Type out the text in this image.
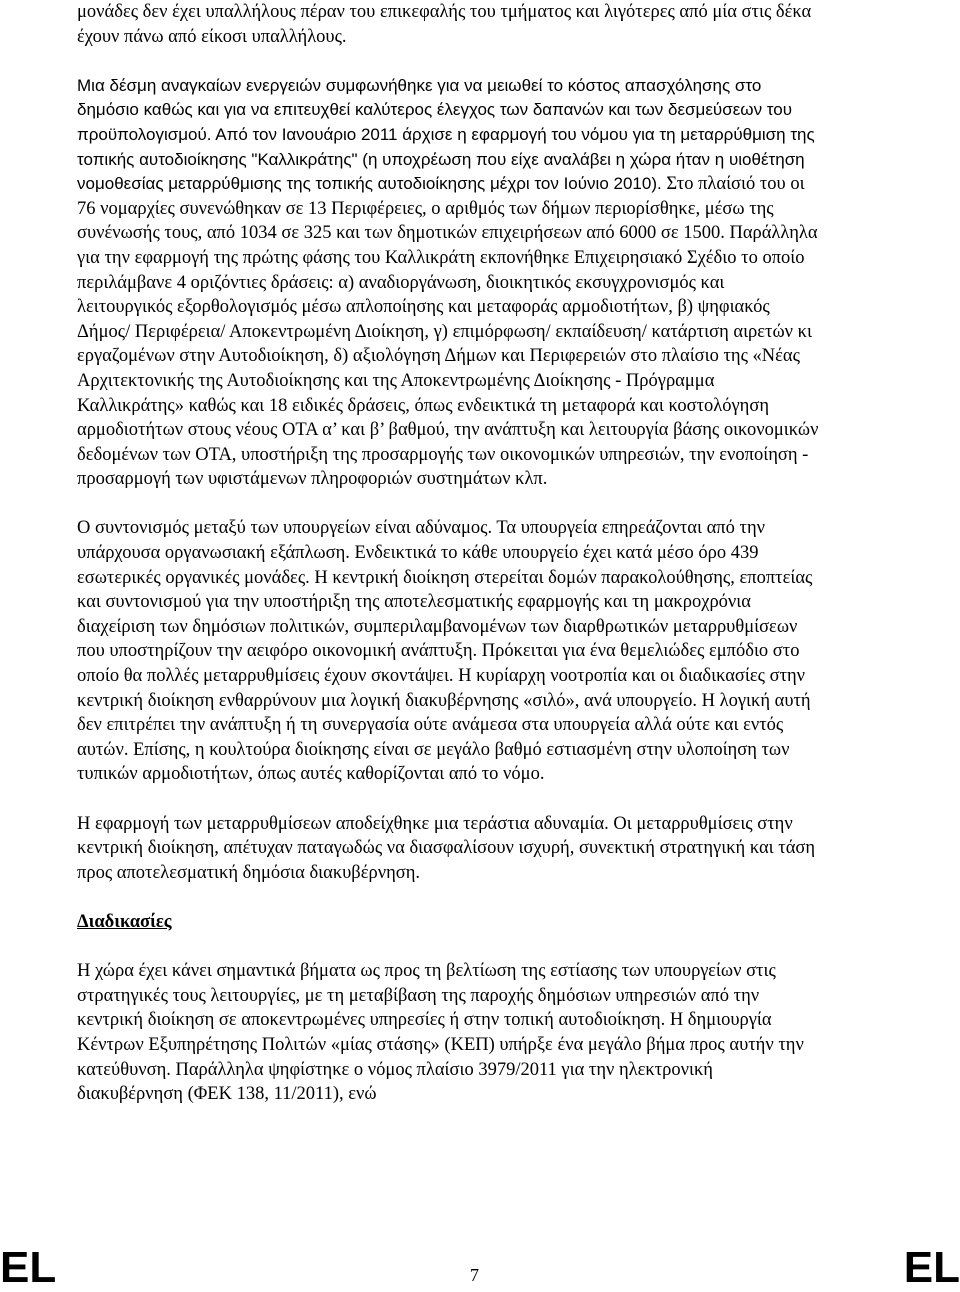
μονάδες δεν έχει υπαλλήλους πέραν του επικεφαλής του τμήματος και λιγότερες από μία στις δέκα έχουν πάνω από είκοσι υπαλλήλους.

Μια δέσμη αναγκαίων ενεργειών συμφωνήθηκε για να μειωθεί το κόστος απασχόλησης στο δημόσιο καθώς και για να επιτευχθεί καλύτερος έλεγχος των δαπανών και των δεσμεύσεων του προϋπολογισμού. Από τον Ιανουάριο 2011 άρχισε η εφαρμογή του νόμου για τη μεταρρύθμιση της τοπικής αυτοδιοίκησης "Καλλικράτης" (η υποχρέωση που είχε αναλάβει η χώρα ήταν η υιοθέτηση νομοθεσίας μεταρρύθμισης της τοπικής αυτοδιοίκησης μέχρι τον Ιούνιο 2010). Στο πλαίσιό του οι 76 νομαρχίες συνενώθηκαν σε 13 Περιφέρειες, ο αριθμός των δήμων περιορίσθηκε, μέσω της συνένωσής τους, από 1034 σε 325 και των δημοτικών επιχειρήσεων από 6000 σε 1500. Παράλληλα για την εφαρμογή της πρώτης φάσης του Καλλικράτη εκπονήθηκε Επιχειρησιακό Σχέδιο το οποίο περιλάμβανε 4 οριζόντιες δράσεις: α) αναδιοργάνωση, διοικητικός εκσυγχρονισμός και λειτουργικός εξορθολογισμός μέσω απλοποίησης και μεταφοράς αρμοδιοτήτων, β) ψηφιακός Δήμος/ Περιφέρεια/ Αποκεντρωμένη Διοίκηση, γ) επιμόρφωση/ εκπαίδευση/ κατάρτιση αιρετών κι εργαζομένων στην Αυτοδιοίκηση, δ) αξιολόγηση Δήμων και Περιφερειών στο πλαίσιο της «Νέας Αρχιτεκτονικής της Αυτοδιοίκησης και της Αποκεντρωμένης Διοίκησης - Πρόγραμμα Καλλικράτης» καθώς και 18 ειδικές δράσεις, όπως ενδεικτικά τη μεταφορά και κοστολόγηση αρμοδιοτήτων στους νέους ΟΤΑ α’ και β’ βαθμού, την ανάπτυξη και λειτουργία βάσης οικονομικών δεδομένων των ΟΤΑ, υποστήριξη της προσαρμογής των οικονομικών υπηρεσιών, την ενοποίηση - προσαρμογή των υφιστάμενων πληροφοριών συστημάτων κλπ.

Ο συντονισμός μεταξύ των υπουργείων είναι αδύναμος. Τα υπουργεία επηρεάζονται από την υπάρχουσα οργανωσιακή εξάπλωση. Ενδεικτικά το κάθε υπουργείο έχει κατά μέσο όρο 439 εσωτερικές οργανικές μονάδες. Η κεντρική διοίκηση στερείται δομών παρακολούθησης, εποπτείας και συντονισμού για την υποστήριξη της αποτελεσματικής εφαρμογής και τη μακροχρόνια διαχείριση των δημόσιων πολιτικών, συμπεριλαμβανομένων των διαρθρωτικών μεταρρυθμίσεων που υποστηρίζουν την αειφόρο οικονομική ανάπτυξη. Πρόκειται για ένα θεμελιώδες εμπόδιο στο οποίο θα πολλές μεταρρυθμίσεις έχουν σκοντάψει. Η κυρίαρχη νοοτροπία και οι διαδικασίες στην κεντρική διοίκηση ενθαρρύνουν μια λογική διακυβέρνησης «σιλό», ανά υπουργείο. Η λογική αυτή δεν επιτρέπει την ανάπτυξη ή τη συνεργασία ούτε ανάμεσα στα υπουργεία αλλά ούτε και εντός αυτών. Επίσης, η κουλτούρα διοίκησης είναι σε μεγάλο βαθμό εστιασμένη στην υλοποίηση των τυπικών αρμοδιοτήτων, όπως αυτές καθορίζονται από το νόμο.

Η εφαρμογή των μεταρρυθμίσεων αποδείχθηκε μια τεράστια αδυναμία. Οι μεταρρυθμίσεις στην κεντρική διοίκηση, απέτυχαν παταγωδώς να διασφαλίσουν ισχυρή, συνεκτική στρατηγική και τάση προς αποτελεσματική δημόσια διακυβέρνηση.

Διαδικασίες

Η χώρα έχει κάνει σημαντικά βήματα ως προς τη βελτίωση της εστίασης των υπουργείων στις στρατηγικές τους λειτουργίες, με τη μεταβίβαση της παροχής δημόσιων υπηρεσιών από την κεντρική διοίκηση σε αποκεντρωμένες υπηρεσίες ή στην τοπική αυτοδιοίκηση. Η δημιουργία Κέντρων Εξυπηρέτησης Πολιτών «μίας στάσης» (ΚΕΠ) υπήρξε ένα μεγάλο βήμα προς αυτήν την κατεύθυνση. Παράλληλα ψηφίστηκε ο νόμος πλαίσιο 3979/2011 για την ηλεκτρονική διακυβέρνηση (ΦΕΚ 138, 11/2011), ενώ

EL	7	EL
